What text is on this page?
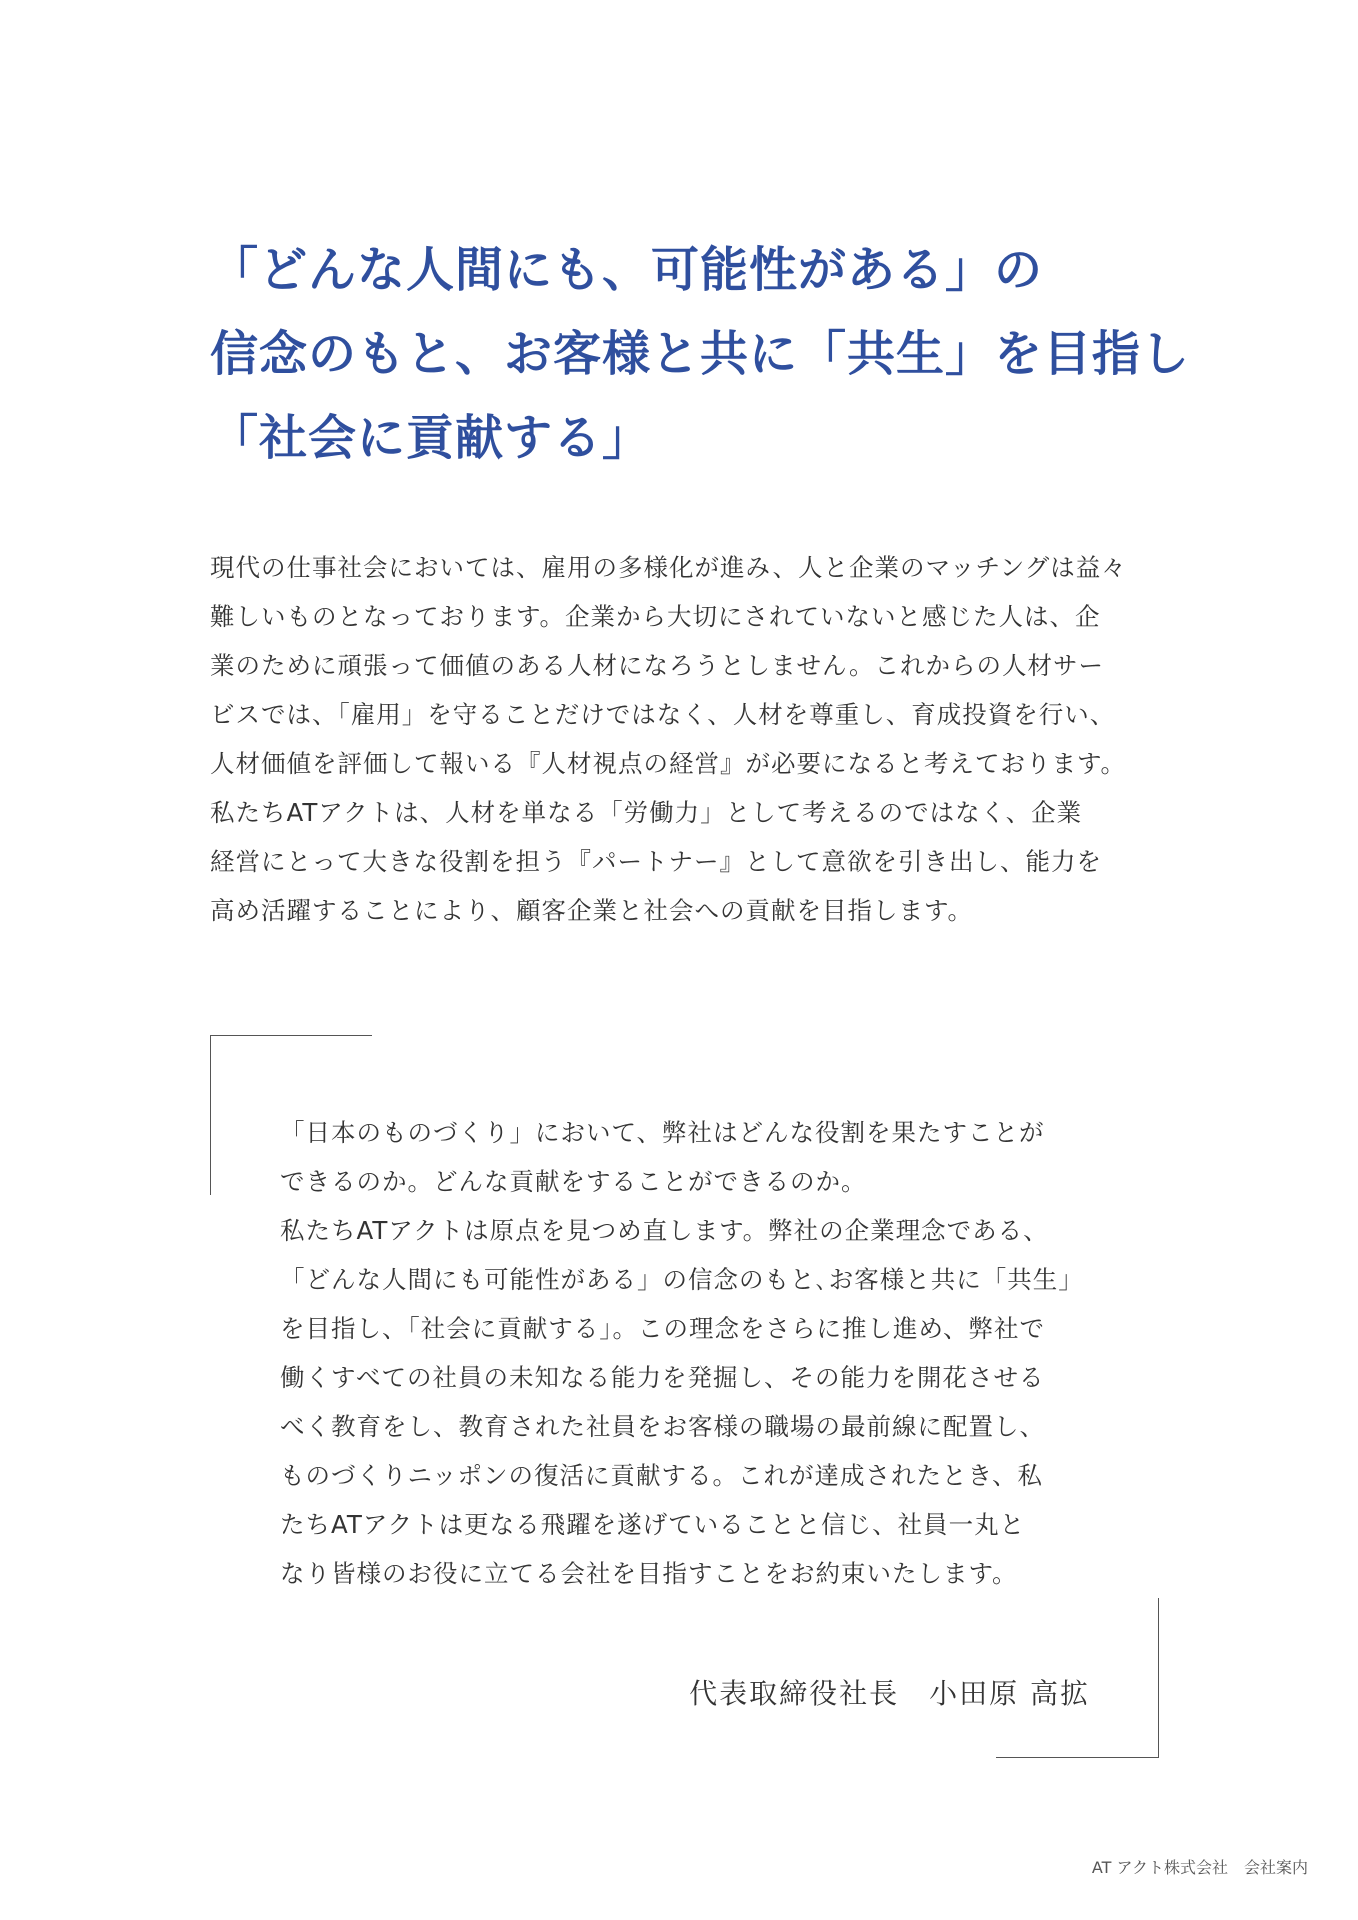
「どんな人間にも、可能性がある」の
信念のもと、お客様と共に「共生」を目指し
「社会に貢献する」
現代の仕事社会においては、雇用の多様化が進み、人と企業のマッチングは益々
難しいものとなっております。企業から大切にされていないと感じた人は、企
業のために頑張って価値のある人材になろうとしません。これからの人材サー
ビスでは、「雇用」を守ることだけではなく、人材を尊重し、育成投資を行い、
人材価値を評価して報いる『人材視点の経営』が必要になると考えております。
私たちATアクトは、人材を単なる「労働力」として考えるのではなく、企業
経営にとって大きな役割を担う『パートナー』として意欲を引き出し、能力を
高め活躍することにより、顧客企業と社会への貢献を目指します。
「日本のものづくり」において、弊社はどんな役割を果たすことが
できるのか。どんな貢献をすることができるのか。
私たちATアクトは原点を見つめ直します。弊社の企業理念である、
「どんな人間にも可能性がある」の信念のもと､お客様と共に「共生」
を目指し、「社会に貢献する」。この理念をさらに推し進め、弊社で
働くすべての社員の未知なる能力を発掘し、その能力を開花させる
べく教育をし、教育された社員をお客様の職場の最前線に配置し、
ものづくりニッポンの復活に貢献する。これが達成されたとき、私
たちATアクトは更なる飛躍を遂げていることと信じ、社員一丸と
なり皆様のお役に立てる会社を目指すことをお約束いたします。

代表取締役社長　小田原 高拡

AT アクト株式会社　会社案内
